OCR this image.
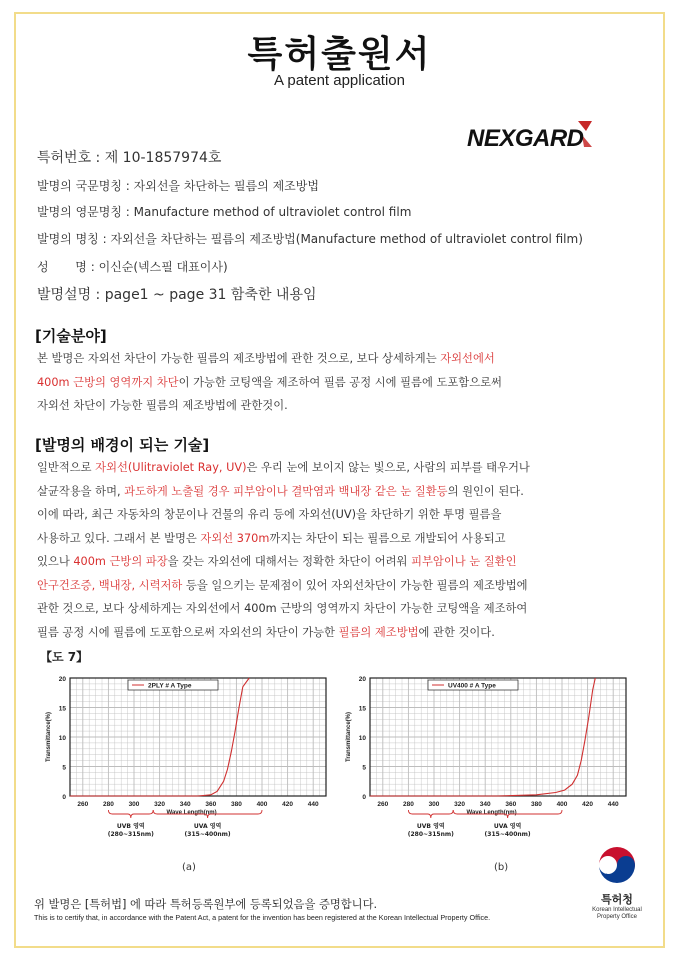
특허출원서
A patent application
NEXGARD
특허번호 : 제 10-1857974호
발명의 국문명칭 : 자외선을 차단하는 필름의 제조방법
발명의 영문명칭 : Manufacture method of ultraviolet control film
발명의 명칭 : 자외선을 차단하는 필름의 제조방법(Manufacture method of ultraviolet control film)
성       명 : 이신순(넥스필 대표이사)
발명설명 : page1 ~ page 31 함축한 내용임
[기술분야]
본 발명은 자외선 차단이 가능한 필름의 제조방법에 관한 것으로, 보다 상세하게는 자외선에서
400m 근방의 영역까지 차단이 가능한 코팅액을 제조하여 필름 공정 시에 필름에 도포함으로써
자외선 차단이 가능한 필름의 제조방법에 관한것이.
[발명의 배경이 되는 기술]
일반적으로 자외선(Ulitraviolet Ray, UV)은 우리 눈에 보이지 않는 빛으로, 사람의 피부를 태우거나
살균작용을 하며, 과도하게 노출될 경우 피부암이나 결막염과 백내장 같은 눈 질환등의 원인이 된다.
이에 따라, 최근 자동차의 창문이나 건물의 유리 등에 자외선(UV)을 차단하기 위한 투명 필름을
사용하고 있다. 그래서 본 발명은 자외선 370m까지는 차단이 되는 필름으로 개발되어 사용되고
있으나 400m 근방의 파장을 갖는 자외선에 대해서는 정확한 차단이 어려워 피부암이나 눈 질환인
안구건조증, 백내장, 시력저하 등을 일으키는 문제점이 있어 자외선차단이 가능한 필름의 제조방법에
관한 것으로, 보다 상세하게는 자외선에서 400m 근방의 영역까지 차단이 가능한 코팅액을 제조하여
필름 공정 시에 필름에 도포함으로써 자외선의 차단이 가능한 필름의 제조방법에 관한 것이다.
【도 7】
0
5
10
15
20
260 280 300 320 340 360 380 400 420 440
Transmittance(%)
Wave Length(nm)
2PLY # A Type
UVB 영역
(280~315nm)
UVA 영역
(315~400nm)
(a)
0
5
10
15
20
260 280 300 320 340 360 380 400 420 440
Transmittance(%)
Wave Length(nm)
UV400 # A Type
UVB 영역
(280~315nm)
UVA 영역
(315~400nm)
(b)
위 발명은 [특허법] 에 따라 특허등록원부에 등록되었음을 증명합니다.
This is to certify that, in accordance with the Patent Act, a patent for the invention has been registered at the Korean Intellectual Property Office.
특허청
Korean Intellectual
Property Office
